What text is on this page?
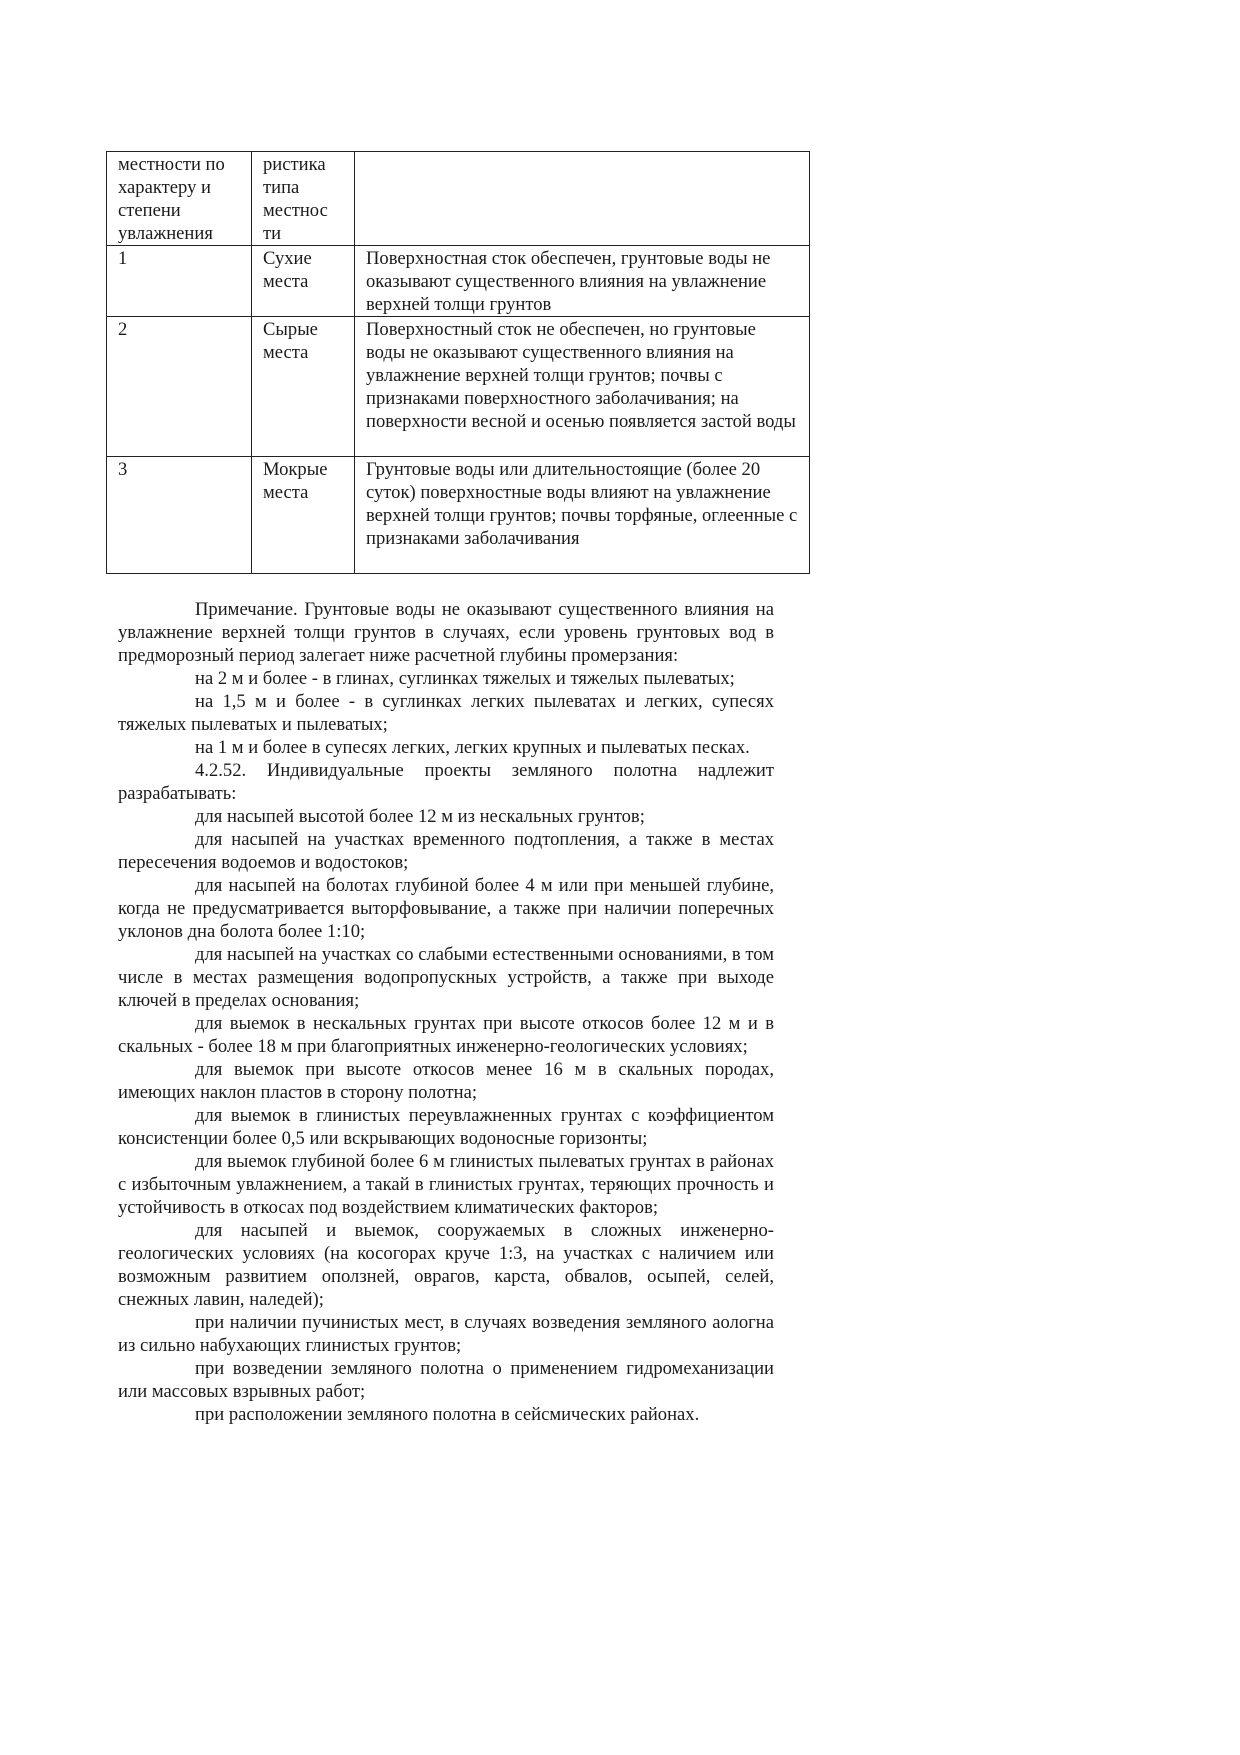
местности по характеру и степени увлажнения	ристика типа местнос ти	
1	Сухие места	Поверхностная сток обеспечен, грунтовые воды не оказывают существенного влияния на увлажнение верхней толщи грунтов
2	Сырые места	Поверхностный сток не обеспечен, но грунтовые воды не оказывают существенного влияния на увлажнение верхней толщи грунтов; почвы с признаками поверхностного заболачивания; на поверхности весной и осенью появляется застой воды
3	Мокрые места	Грунтовые воды или длительностоящие (более 20 суток) поверхностные воды влияют на увлажнение верхней толщи грунтов; почвы торфяные, оглеенные с признаками заболачивания

Примечание. Грунтовые воды не оказывают существенного влияния на увлажнение верхней толщи грунтов в случаях, если уровень грунтовых вод в предморозный период залегает ниже расчетной глубины промерзания:

на 2 м и более - в глинах, суглинках тяжелых и тяжелых пылеватых;

на 1,5 м и более - в суглинках легких пылеватах и легких, супесях тяжелых пылеватых и пылеватых;

на 1 м и более в супесях легких, легких крупных и пылеватых песках.

4.2.52. Индивидуальные проекты земляного полотна надлежит разрабатывать:

для насыпей высотой более 12 м из нескальных грунтов;

для насыпей на участках временного подтопления, а также в местах пересечения водоемов и водостоков;

для насыпей на болотах глубиной более 4 м или при меньшей глубине, когда не предусматривается выторфовывание, а также при наличии поперечных уклонов дна болота более 1:10;

для насыпей на участках со слабыми естественными основаниями, в том числе в местах размещения водопропускных устройств, а также при выходе ключей в пределах основания;

для выемок в нескальных грунтах при высоте откосов более 12 м и в скальных - более 18 м при благоприятных инженерно-геологических условиях;

для выемок при высоте откосов менее 16 м в скальных породах, имеющих наклон пластов в сторону полотна;

для выемок в глинистых переувлажненных грунтах с коэффициентом консистенции более 0,5 или вскрывающих водоносные горизонты;

для выемок глубиной более 6 м глинистых пылеватых грунтах в районах с избыточным увлажнением, а такай в глинистых грунтах, теряющих прочность и устойчивость в откосах под воздействием климатических факторов;

для насыпей и выемок, сооружаемых в сложных инженерно-геологических условиях (на косогорах круче 1:3, на участках с наличием или возможным развитием оползней, оврагов, карста, обвалов, осыпей, селей, снежных лавин, наледей);

при наличии пучинистых мест, в случаях возведения земляного аологна из сильно набухающих глинистых грунтов;

при возведении земляного полотна о применением гидромеханизации или массовых взрывных работ;

при расположении земляного полотна в сейсмических районах.
